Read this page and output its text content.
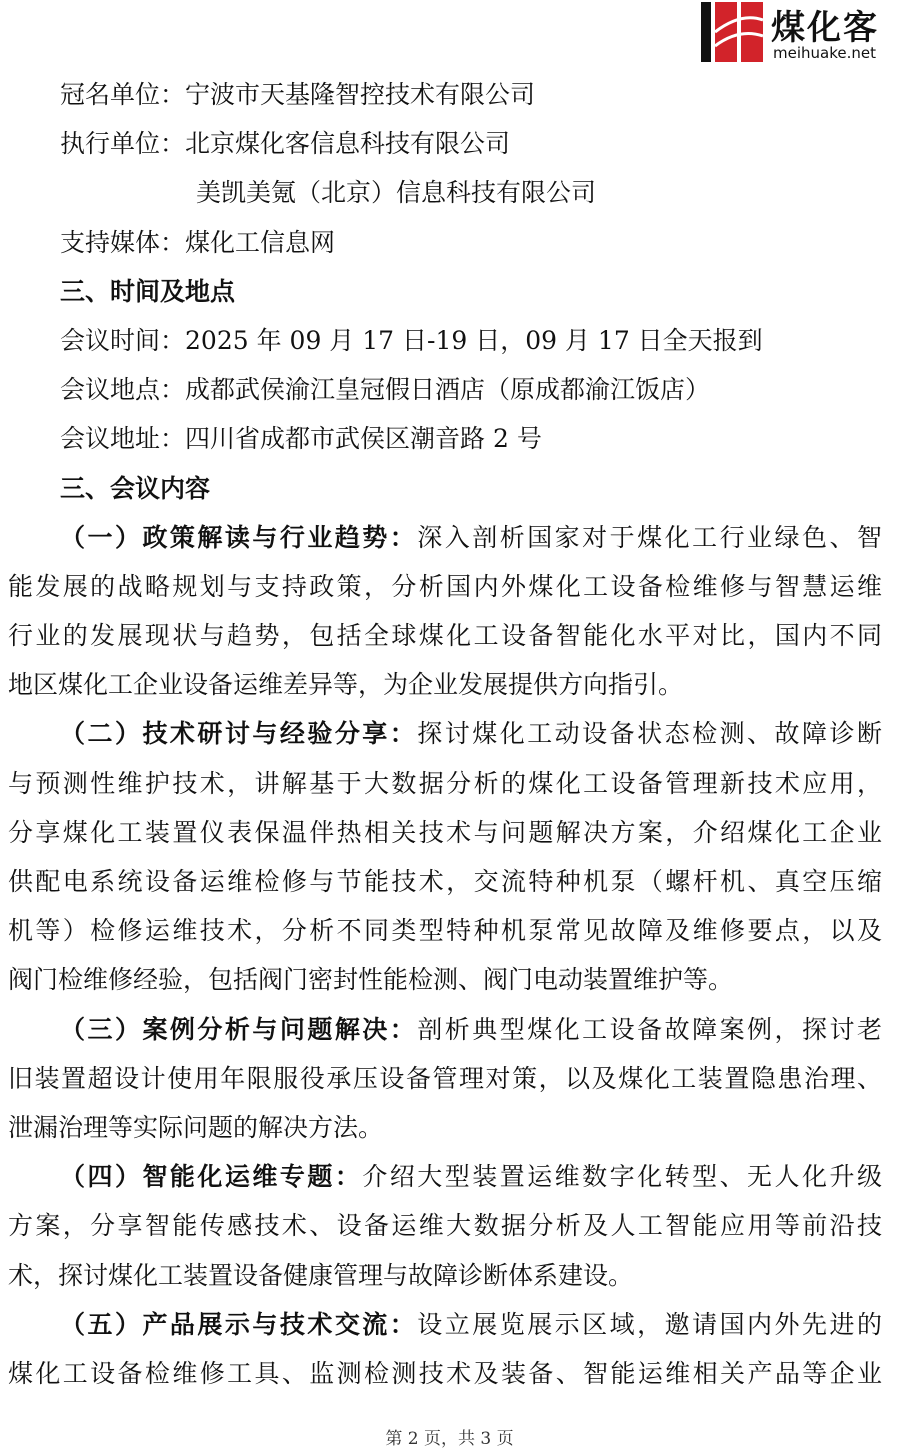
煤化客
meihuake.net
冠名单位：宁波市天基隆智控技术有限公司
执行单位：北京煤化客信息科技有限公司
美凯美氪（北京）信息科技有限公司
支持媒体：煤化工信息网
三、时间及地点
会议时间：2025 年 09 月 17 日-19 日，09 月 17 日全天报到
会议地点：成都武侯渝江皇冠假日酒店（原成都渝江饭店）
会议地址：四川省成都市武侯区潮音路 2 号
三、会议内容
（一）政策解读与行业趋势：深入剖析国家对于煤化工行业绿色、智
能发展的战略规划与支持政策，分析国内外煤化工设备检维修与智慧运维
行业的发展现状与趋势，包括全球煤化工设备智能化水平对比，国内不同
地区煤化工企业设备运维差异等，为企业发展提供方向指引。
（二）技术研讨与经验分享：探讨煤化工动设备状态检测、故障诊断
与预测性维护技术，讲解基于大数据分析的煤化工设备管理新技术应用，
分享煤化工装置仪表保温伴热相关技术与问题解决方案，介绍煤化工企业
供配电系统设备运维检修与节能技术，交流特种机泵（螺杆机、真空压缩
机等）检修运维技术，分析不同类型特种机泵常见故障及维修要点，以及
阀门检维修经验，包括阀门密封性能检测、阀门电动装置维护等。
（三）案例分析与问题解决：剖析典型煤化工设备故障案例，探讨老
旧装置超设计使用年限服役承压设备管理对策，以及煤化工装置隐患治理、
泄漏治理等实际问题的解决方法。
（四）智能化运维专题：介绍大型装置运维数字化转型、无人化升级
方案，分享智能传感技术、设备运维大数据分析及人工智能应用等前沿技
术，探讨煤化工装置设备健康管理与故障诊断体系建设。
（五）产品展示与技术交流：设立展览展示区域，邀请国内外先进的
煤化工设备检维修工具、监测检测技术及装备、智能运维相关产品等企业
第 2 页，共 3 页
